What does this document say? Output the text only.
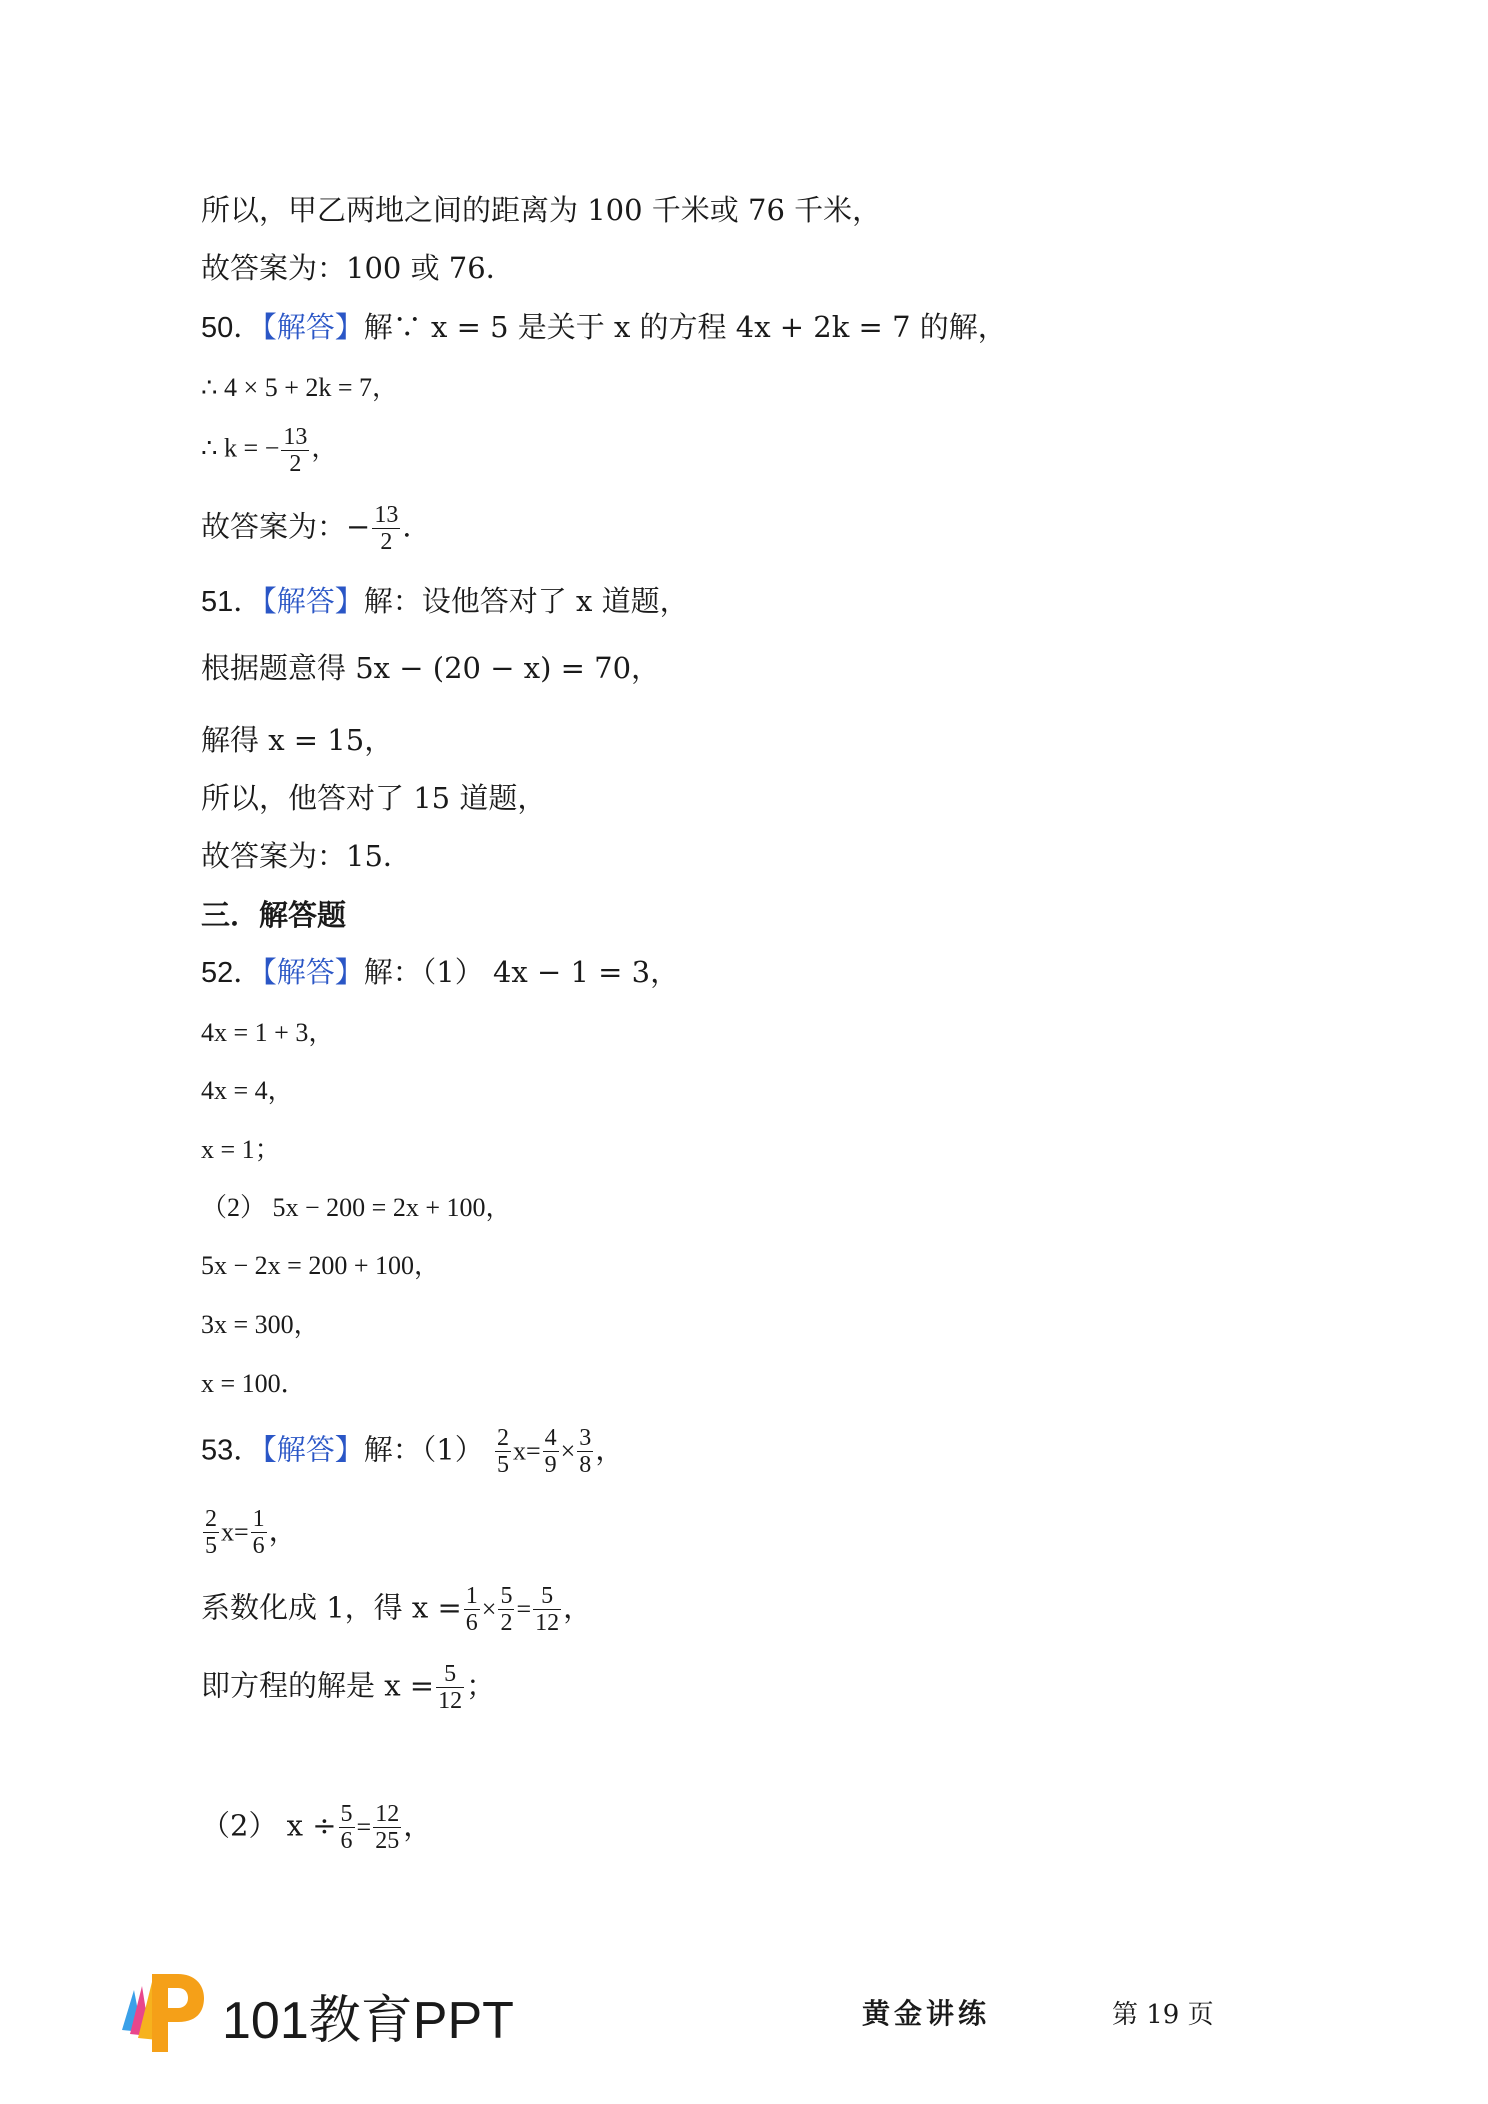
所以，甲乙两地之间的距离为 100 千米或 76 千米，
故答案为：100 或 76．
50．【解答】解∵ x = 5 是关于 x 的方程 4x + 2k = 7 的解，
∴ 4 × 5 + 2k = 7，
∴ k = − $\frac{13}{2}$ ，
故答案为：− $\frac{13}{2}$ ．
51．【解答】解：设他答对了 x 道题，
根据题意得 5x − (20 − x) = 70，
解得 x = 15，
所以，他答对了 15 道题，
故答案为：15．
三．解答题
52．【解答】解：（1） 4x − 1 = 3，
4x = 1 + 3，
4x = 4，
x = 1；
（2） 5x − 200 = 2x + 100，
5x − 2x = 200 + 100，
3x = 300，
x = 100．
53．【解答】解：$(1) \frac{2}{5} x= \frac{4}{9} \times \frac{3}{8}$ ，
$\frac{2}{5} x= \frac{1}{6}$ ，
系数化成 1，得 $x = \frac{1}{6} \times \frac{5}{2} = \frac{5}{12}$ ，
即方程的解是 $x = \frac{5}{12}$ ；
（2） $x \div \frac{5}{6} = \frac{12}{25}$ ，
101教育PPT	黄金讲练	第 19 页
